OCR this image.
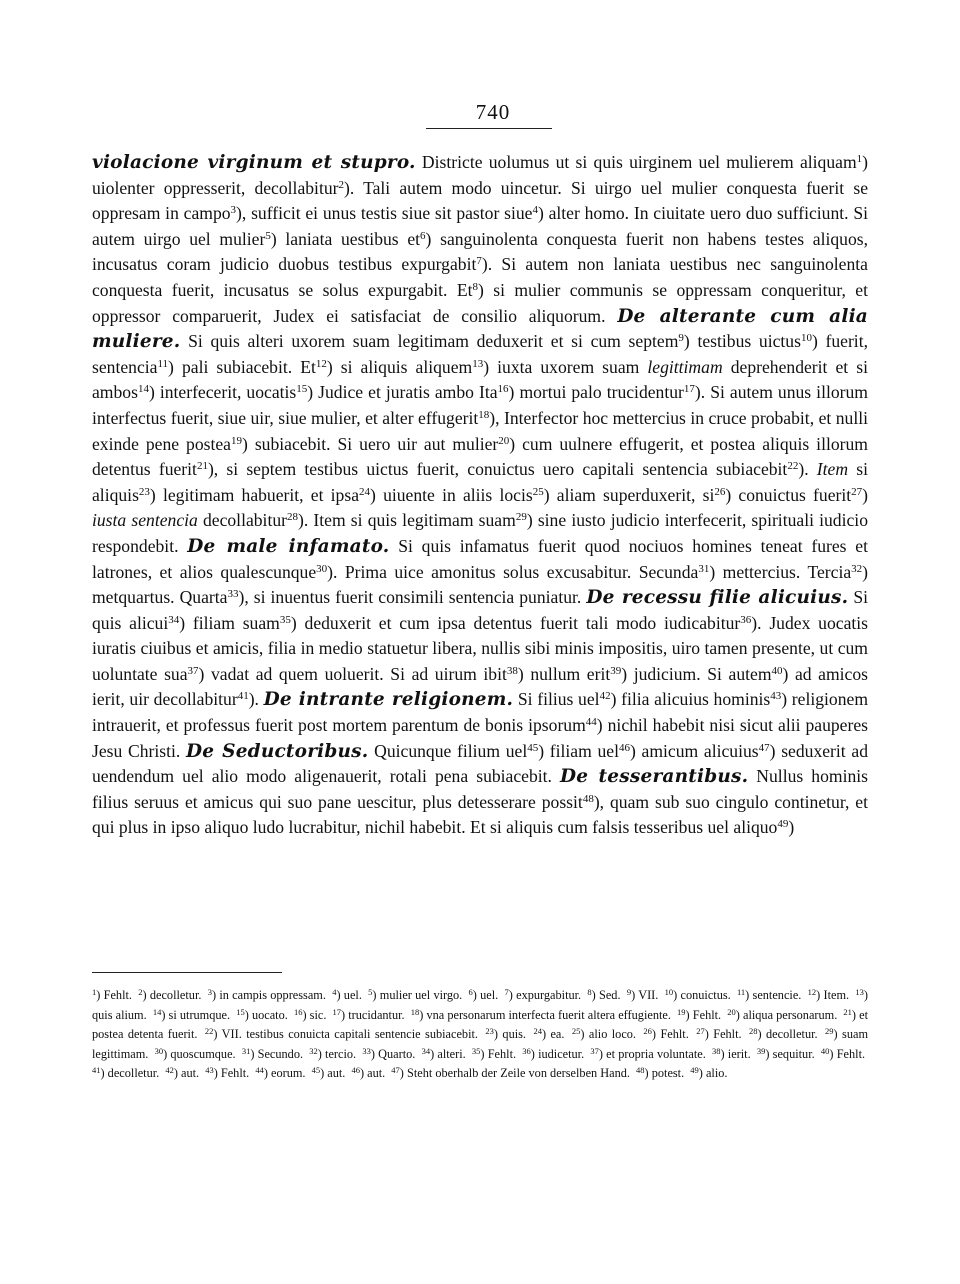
740

violacione virginum et stupro. Districte uolumus ut si quis uirginem uel mulierem aliquam$^1$) uiolenter oppresserit, decollabitur$^2$). Tali autem modo uincetur. Si uirgo uel mulier conquesta fuerit se oppresam in campo$^3$), sufficit ei unus testis siue sit pastor siue$^4$) alter homo. In ciuitate uero duo sufficiunt. Si autem uirgo uel mulier$^5$) laniata uestibus $et^6$) sanguinolenta conquesta fuerit non habens testes aliquos, incusatus coram judicio duobus testibus expurgabit$^7$). Si autem non laniata uestibus nec sanguinolenta conquesta fuerit, incusatus se solus expurgabit. Et$^8$) si mulier communis se oppressam conqueritur, et oppressor comparuerit, Judex ei satisfaciat de consilio aliquorum. De alterante cum alia muliere. Si quis alteri uxorem suam legitimam deduxerit et si cum septem$^9$) testibus uictus$^{10}$) fuerit, sentencia$^{11}$) pali subiacebit. Et$^{12}$) si aliquis aliquem$^{13}$) iuxta uxorem suam legittimam deprehenderit et si ambos$^{14}$) interfecerit, uocatis$^{15}$) Judice et juratis ambo Ita$^{16}$) mortui palo trucidentur$^{17}$). Si autem unus illorum interfectus fuerit, siue uir, siue mulier, et alter effugerit$^{18}$), Interfector hoc mettercius in cruce probabit, et nulli exinde pene postea$^{19}$) subiacebit. Si uero uir aut mulier$^{20}$) cum uulnere effugerit, et postea aliquis illorum detentus fuerit$^{21}$), si septem testibus uictus fuerit, conuictus uero capitali sentencia subiacebit$^{22}$). Item si aliquis$^{23}$) legitimam habuerit, et ipsa$^{24}$) uiuente in aliis locis$^{25}$) aliam superduxerit, $si^{26}$) conuictus fuerit$^{27}$) iusta sentencia decollabitur$^{28}$). Item si quis legitimam suam$^{29}$) sine iusto judicio interfecerit, spirituali iudicio respondebit. De male infamato. Si quis infamatus fuerit quod nociuos homines teneat fures et latrones, et alios qualescunque$^{30}$). Prima uice amonitus solus excusabitur. Secunda$^{31}$) mettercius. Tercia$^{32}$) metquartus. Quarta$^{33}$), si inuentus fuerit consimili sentencia puniatur. De recessu filie alicuius. Si quis alicui$^{34}$) filiam suam$^{35}$) deduxerit et cum ipsa detentus fuerit tali modo iudicabitur$^{36}$). Judex uocatis iuratis ciuibus et amicis, filia in medio statuetur libera, nullis sibi minis impositis, uiro tamen presente, ut cum uoluntate sua$^{37}$) vadat ad quem uoluerit. Si ad uirum ibit$^{38}$) nullum erit$^{39}$) judicium. Si autem$^{40}$) ad amicos ierit, uir decollabitur$^{41}$). De intrante religionem. Si filius uel$^{42}$) filia alicuius hominis$^{43}$) religionem intrauerit, et professus fuerit post mortem parentum de bonis ipsorum$^{44}$) nichil habebit nisi sicut alii pauperes Jesu Christi. De Seductoribus. Quicunque filium uel$^{45}$) filiam uel$^{46}$) amicum alicuius$^{47}$) seduxerit ad uendendum uel alio modo aligenauerit, rotali pena subiacebit. De tesserantibus. Nullus hominis filius seruus et amicus qui suo pane uescitur, plus detesserare possit$^{48}$), quam sub suo cingulo continetur, et qui plus in ipso aliquo ludo lucrabitur, nichil habebit. Et si aliquis cum falsis tesseribus uel aliquo$^{49}$)

$^1$) Fehlt. $^2$) decolletur. $^3$) in campis oppressam. $^4$) uel. $^5$) mulier uel virgo. $^6$) uel. $^7$) expurgabitur. $^8$) Sed. $^9$) VII. $^{10}$) conuictus. $^{11}$) sentencie. $^{12}$) Item. $^{13}$) quis alium. $^{14}$) si utrumque. $^{15}$) uocato. $^{16}$) sic. $^{17}$) trucidantur. $^{18}$) vna personarum interfecta fuerit altera effugiente. $^{19}$) Fehlt. $^{20}$) aliqua personarum. $^{21}$) et postea detenta fuerit. $^{22}$) VII. testibus conuicta capitali sentencie subiacebit. $^{23}$) quis. $^{24}$) ea. $^{25}$) alio loco. $^{26}$) Fehlt. $^{27}$) Fehlt. $^{28}$) decolletur. $^{29}$) suam legittimam. $^{30}$) quoscumque. $^{31}$) Secundo. $^{32}$) tercio. $^{33}$) Quarto. $^{34}$) alteri. $^{35}$) Fehlt. $^{36}$) iudicetur. $^{37}$) et propria voluntate. $^{38}$) ierit. $^{39}$) sequitur. $^{40}$) Fehlt. $^{41}$) decolletur. $^{42}$) aut. $^{43}$) Fehlt. $^{44}$) eorum. $^{45}$) aut. $^{46}$) aut. $^{47}$) Steht oberhalb der Zeile von derselben Hand. $^{48}$) potest. $^{49}$) alio.
